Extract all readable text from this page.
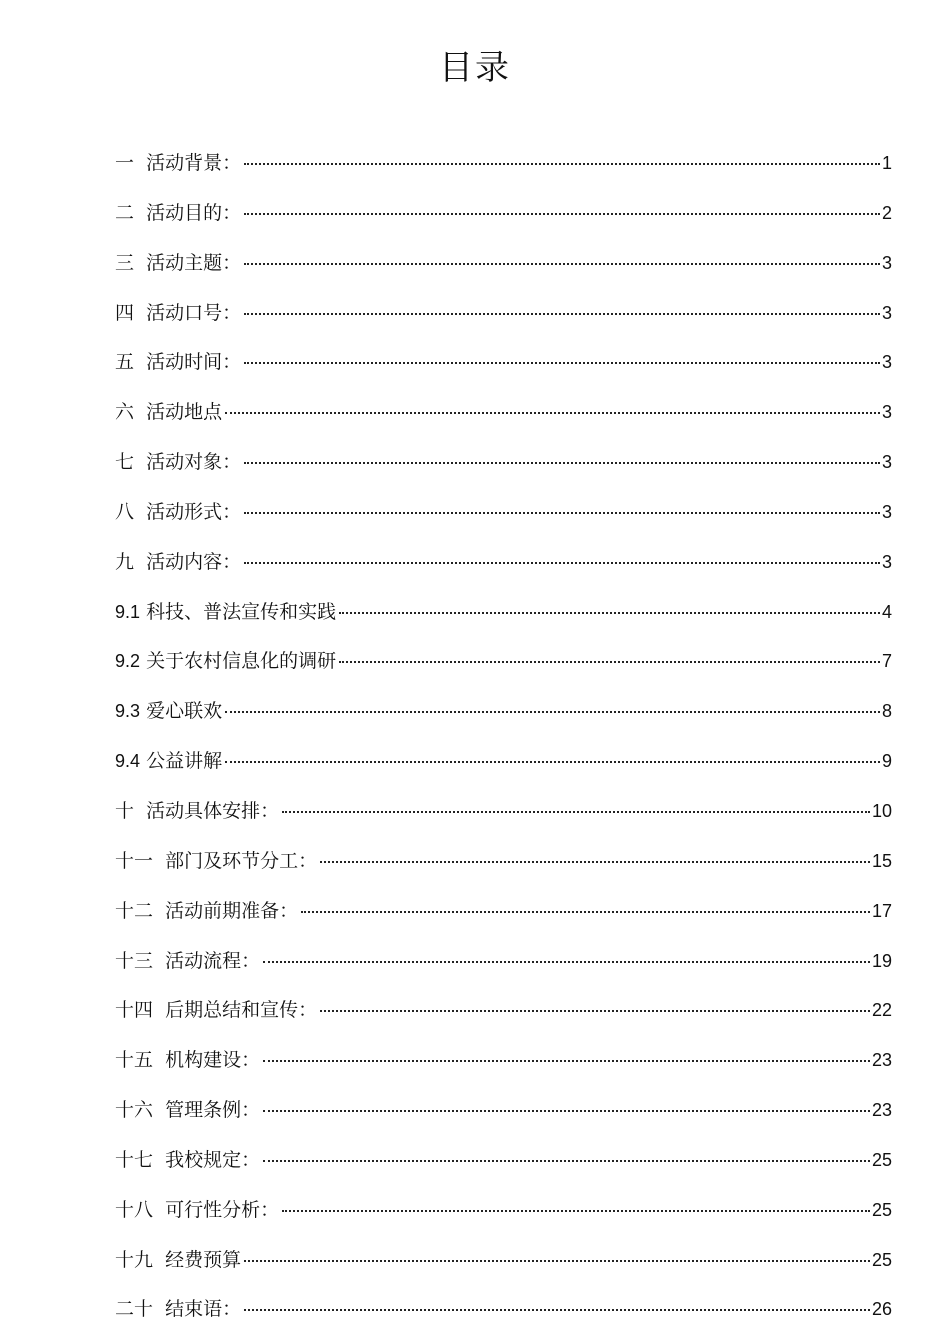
目录
一  活动背景：	1
二  活动目的：	2
三  活动主题：	3
四  活动口号：	3
五  活动时间：	3
六  活动地点	3
七  活动对象：	3
八  活动形式：	3
九  活动内容：	3
9.1 科技、普法宣传和实践	4
9.2 关于农村信息化的调研	7
9.3 爱心联欢	8
9.4 公益讲解	9
十  活动具体安排：	10
十一  部门及环节分工：	15
十二  活动前期准备：	17
十三  活动流程：	19
十四  后期总结和宣传：	22
十五  机构建设：	23
十六  管理条例：	23
十七  我校规定：	25
十八  可行性分析：	25
十九  经费预算	25
二十  结束语：	26
